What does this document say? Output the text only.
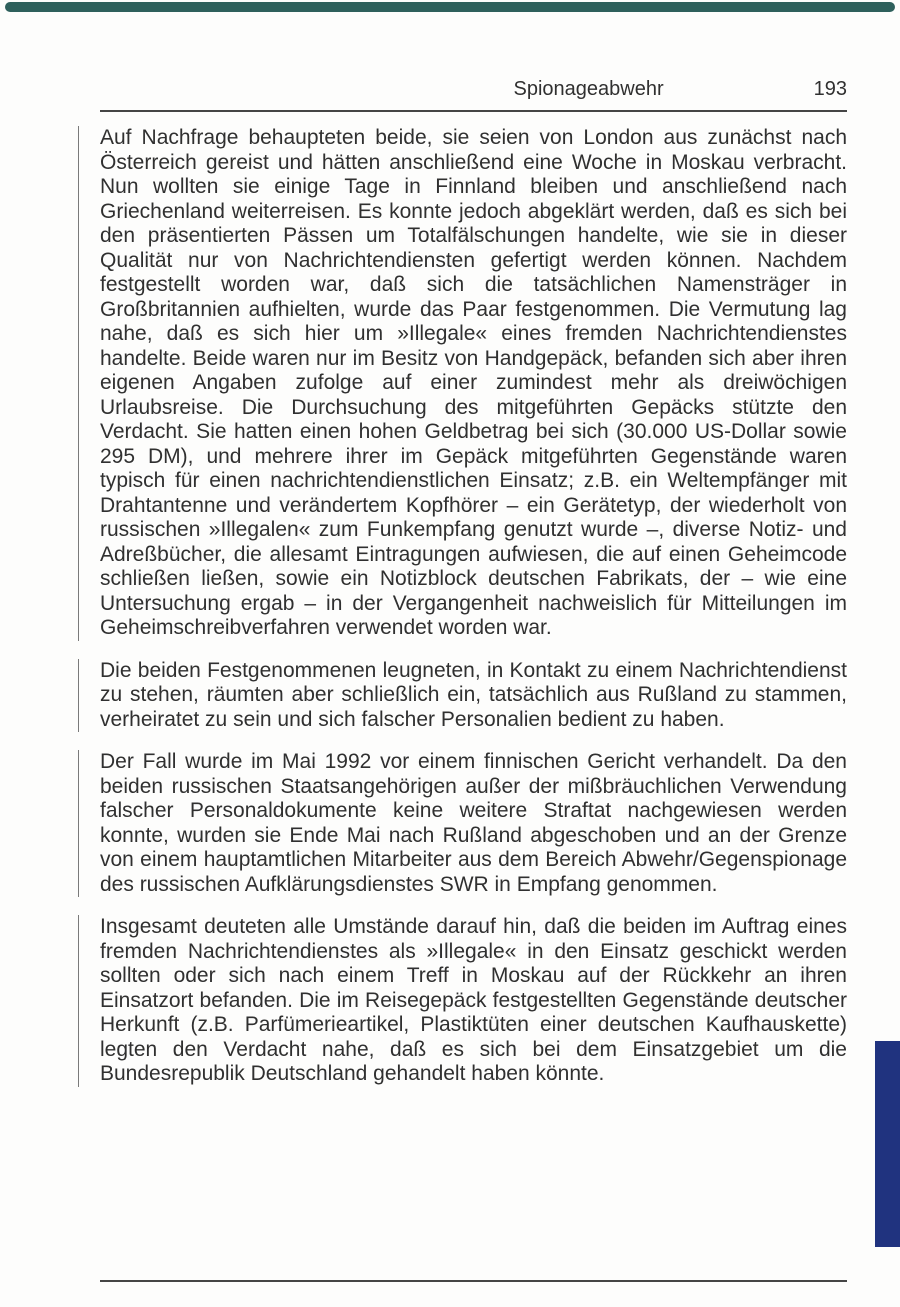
Spionageabwehr	193

Auf Nachfrage behaupteten beide, sie seien von London aus zunächst nach Österreich gereist und hätten anschließend eine Woche in Moskau verbracht. Nun wollten sie einige Tage in Finnland bleiben und anschließend nach Griechenland weiterreisen. Es konnte jedoch abgeklärt werden, daß es sich bei den präsentierten Pässen um Totalfälschungen handelte, wie sie in dieser Qualität nur von Nachrichtendiensten gefertigt werden können. Nachdem festgestellt worden war, daß sich die tatsächlichen Namensträger in Großbritannien aufhielten, wurde das Paar festgenommen. Die Vermutung lag nahe, daß es sich hier um »Illegale« eines fremden Nachrichtendienstes handelte. Beide waren nur im Besitz von Handgepäck, befanden sich aber ihren eigenen Angaben zufolge auf einer zumindest mehr als dreiwöchigen Urlaubsreise. Die Durchsuchung des mitgeführten Gepäcks stützte den Verdacht. Sie hatten einen hohen Geldbetrag bei sich (30.000 US-Dollar sowie 295 DM), und mehrere ihrer im Gepäck mitgeführten Gegenstände waren typisch für einen nachrichtendienstlichen Einsatz; z.B. ein Weltempfänger mit Drahtantenne und verändertem Kopfhörer – ein Gerätetyp, der wiederholt von russischen »Illegalen« zum Funkempfang genutzt wurde –, diverse Notiz- und Adreßbücher, die allesamt Eintragungen aufwiesen, die auf einen Geheimcode schließen ließen, sowie ein Notizblock deutschen Fabrikats, der – wie eine Untersuchung ergab – in der Vergangenheit nachweislich für Mitteilungen im Geheimschreibverfahren verwendet worden war.

Die beiden Festgenommenen leugneten, in Kontakt zu einem Nachrichtendienst zu stehen, räumten aber schließlich ein, tatsächlich aus Rußland zu stammen, verheiratet zu sein und sich falscher Personalien bedient zu haben.

Der Fall wurde im Mai 1992 vor einem finnischen Gericht verhandelt. Da den beiden russischen Staatsangehörigen außer der mißbräuchlichen Verwendung falscher Personaldokumente keine weitere Straftat nachgewiesen werden konnte, wurden sie Ende Mai nach Rußland abgeschoben und an der Grenze von einem hauptamtlichen Mitarbeiter aus dem Bereich Abwehr/Gegenspionage des russischen Aufklärungsdienstes SWR in Empfang genommen.

Insgesamt deuteten alle Umstände darauf hin, daß die beiden im Auftrag eines fremden Nachrichtendienstes als »Illegale« in den Einsatz geschickt werden sollten oder sich nach einem Treff in Moskau auf der Rückkehr an ihren Einsatzort befanden. Die im Reisegepäck festgestellten Gegenstände deutscher Herkunft (z.B. Parfümerieartikel, Plastiktüten einer deutschen Kaufhauskette) legten den Verdacht nahe, daß es sich bei dem Einsatzgebiet um die Bundesrepublik Deutschland gehandelt haben könnte.
